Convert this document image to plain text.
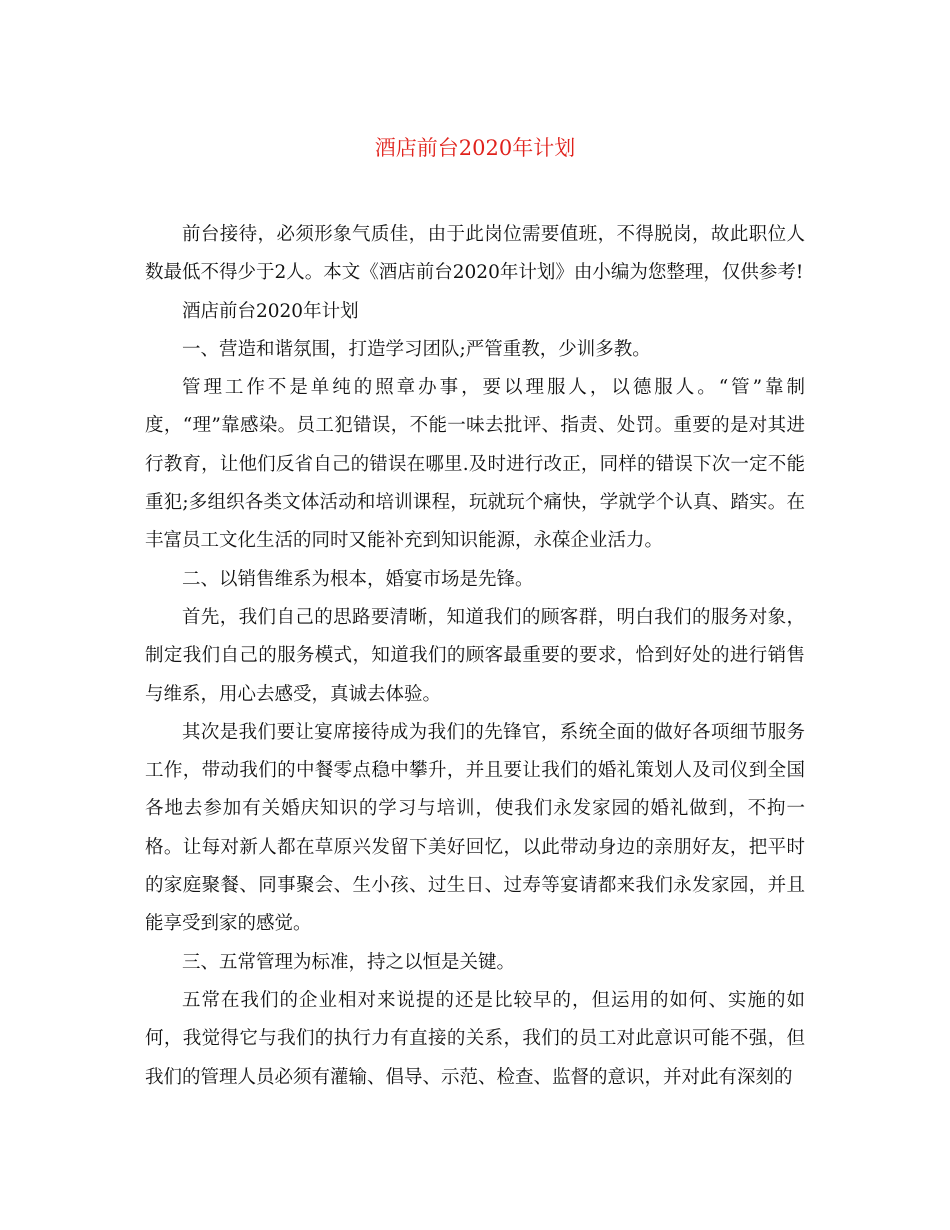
酒店前台2020年计划

前台接待，必须形象气质佳，由于此岗位需要值班，不得脱岗，故此职位人数最低不得少于2人。本文《酒店前台2020年计划》由小编为您整理，仅供参考!

酒店前台2020年计划

一、营造和谐氛围，打造学习团队;严管重教，少训多教。

管理工作不是单纯的照章办事，要以理服人，以德服人。“管”靠制度，“理”靠感染。员工犯错误，不能一味去批评、指责、处罚。重要的是对其进行教育，让他们反省自己的错误在哪里.及时进行改正，同样的错误下次一定不能重犯;多组织各类文体活动和培训课程，玩就玩个痛快，学就学个认真、踏实。在丰富员工文化生活的同时又能补充到知识能源，永葆企业活力。

二、以销售维系为根本，婚宴市场是先锋。

首先，我们自己的思路要清晰，知道我们的顾客群，明白我们的服务对象，制定我们自己的服务模式，知道我们的顾客最重要的要求，恰到好处的进行销售与维系，用心去感受，真诚去体验。

其次是我们要让宴席接待成为我们的先锋官，系统全面的做好各项细节服务工作，带动我们的中餐零点稳中攀升，并且要让我们的婚礼策划人及司仪到全国各地去参加有关婚庆知识的学习与培训，使我们永发家园的婚礼做到，不拘一格。让每对新人都在草原兴发留下美好回忆，以此带动身边的亲朋好友，把平时的家庭聚餐、同事聚会、生小孩、过生日、过寿等宴请都来我们永发家园，并且能享受到家的感觉。

三、五常管理为标准，持之以恒是关键。

五常在我们的企业相对来说提的还是比较早的，但运用的如何、实施的如何，我觉得它与我们的执行力有直接的关系，我们的员工对此意识可能不强，但我们的管理人员必须有灌输、倡导、示范、检查、监督的意识，并对此有深刻的
